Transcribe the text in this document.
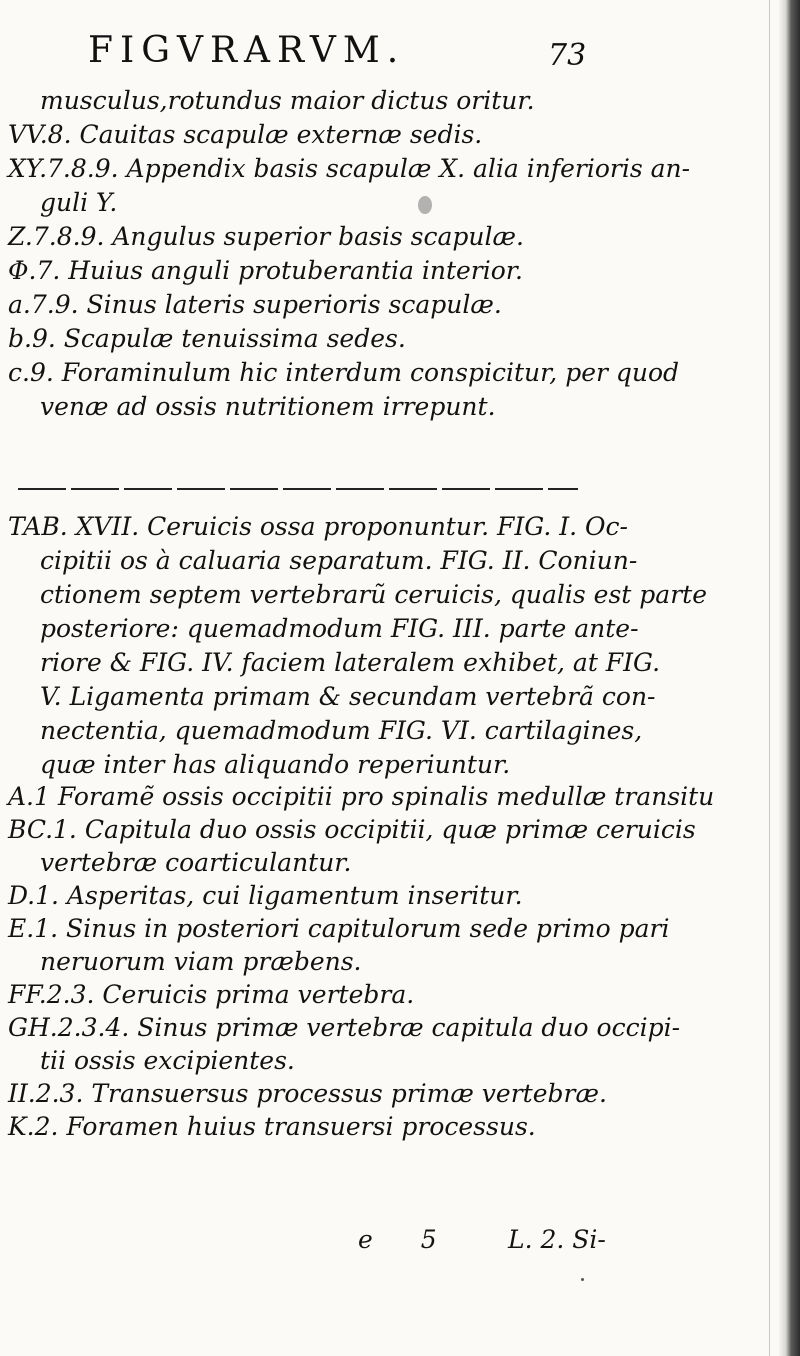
FIGVRARVM.	73
musculus,rotundus maior dictus oritur.
VV.8. Cauitas scapulæ externæ sedis.
XY.7.8.9. Appendix basis scapulæ X. alia inferioris an-
guli Y.
Z.7.8.9. Angulus superior basis scapulæ.
Φ.7. Huius anguli protuberantia interior.
a.7.9. Sinus lateris superioris scapulæ.
b.9. Scapulæ tenuissima sedes.
c.9. Foraminulum hic interdum conspicitur, per quod
venæ ad ossis nutritionem irrepunt.
TAB. XVII. Ceruicis ossa proponuntur. FIG. I. Oc-
cipitii os à caluaria separatum. FIG. II. Coniun-
ctionem septem vertebrarũ ceruicis, qualis est parte
posteriore: quemadmodum FIG. III. parte ante-
riore & FIG. IV. faciem lateralem exhibet, at FIG.
V. Ligamenta primam & secundam vertebrã con-
nectentia, quemadmodum FIG. VI. cartilagines,
quæ inter has aliquando reperiuntur.
A.1 Foramẽ ossis occipitii pro spinalis medullæ transitu
BC.1. Capitula duo ossis occipitii, quæ primæ ceruicis
vertebræ coarticulantur.
D.1. Asperitas, cui ligamentum inseritur.
E.1. Sinus in posteriori capitulorum sede primo pari
neruorum viam præbens.
FF.2.3. Ceruicis prima vertebra.
GH.2.3.4. Sinus primæ vertebræ capitula duo occipi-
tii ossis excipientes.
II.2.3. Transuersus processus primæ vertebræ.
K.2. Foramen huius transuersi processus.
e 5 L. 2. Si-
